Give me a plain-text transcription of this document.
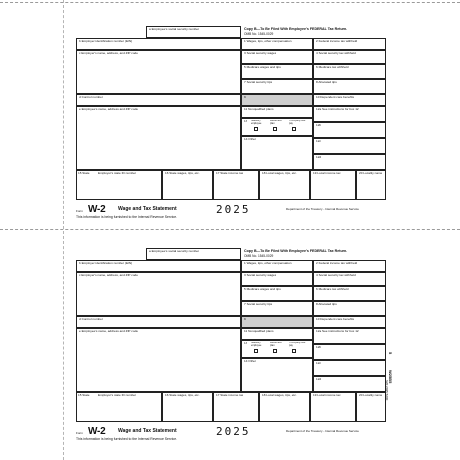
a Employee's social security number	Copy B—To Be Filed With Employee's FEDERAL Tax Return.
OMB No. 1545-0029
b Employer identification number (EIN)	1 Wages, tips, other compensation	2 Federal income tax withheld
c Employer's name, address, and ZIP code	3 Social security wages	4 Social security tax withheld
5 Medicare wages and tips	6 Medicare tax withheld
7 Social security tips	8 Allocated tips
d Control number	9	10 Dependent care benefits
e Employee's name, address and ZIP code	11 Nonqualified plans
13 Statutory employee
Retirement plan
Third-party sick pay
14 Other
12a See instructions for box 12
12b
12c
12d
15 State	Employer's state ID number	16 State wages, tips, etc.	17 State income tax	18 Local wages, tips, etc.	19 Local income tax	20 Locality name
Form W-2 Wage and Tax Statement	2025	Department of the Treasury - Internal Revenue Service
This information is being furnished to the Internal Revenue Service.
a Employee's social security number	Copy B—To Be Filed With Employee's FEDERAL Tax Return.
OMB No. 1545-0029
b Employer identification number (EIN)	1 Wages, tips, other compensation	2 Federal income tax withheld
c Employer's name, address, and ZIP code	3 Social security wages	4 Social security tax withheld
5 Medicare wages and tips	6 Medicare tax withheld
7 Social security tips	8 Allocated tips
d Control number	9	10 Dependent care benefits
e Employee's name, address and ZIP code	11 Nonqualified plans
13 Statutory employee
Retirement plan
Third-party sick pay
14 Other
12a See instructions for box 12
12b
12c
12d
15 State	Employer's state ID number	16 State wages, tips, etc.	17 State income tax	18 Local wages, tips, etc.	19 Local income tax	20 Locality name
Form W-2 Wage and Tax Statement	2025	Department of the Treasury - Internal Revenue Service
This information is being furnished to the Internal Revenue Service.
W25B5
5
S20 2025 5200
